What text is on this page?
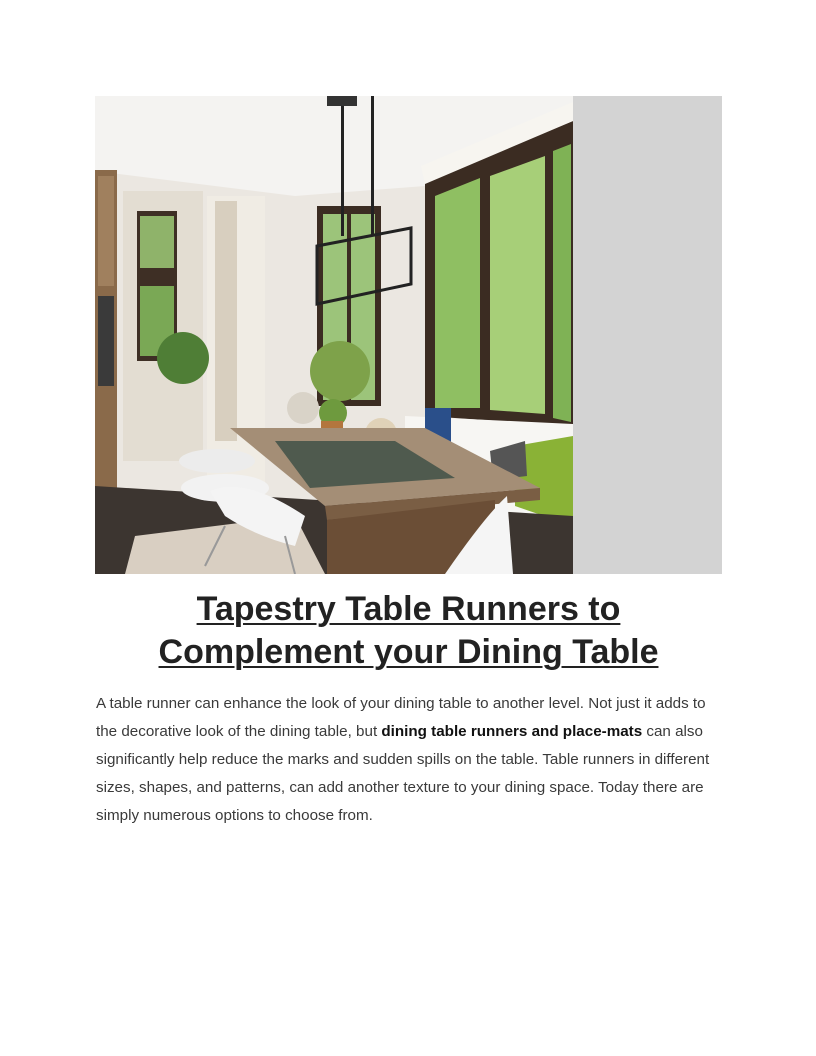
Tapestry Table Runners to Complement your Dining Table

A table runner can enhance the look of your dining table to another level. Not just it adds to the decorative look of the dining table, but dining table runners and place-mats can also significantly help reduce the marks and sudden spills on the table. Table runners in different sizes, shapes, and patterns, can add another texture to your dining space. Today there are simply numerous options to choose from.
